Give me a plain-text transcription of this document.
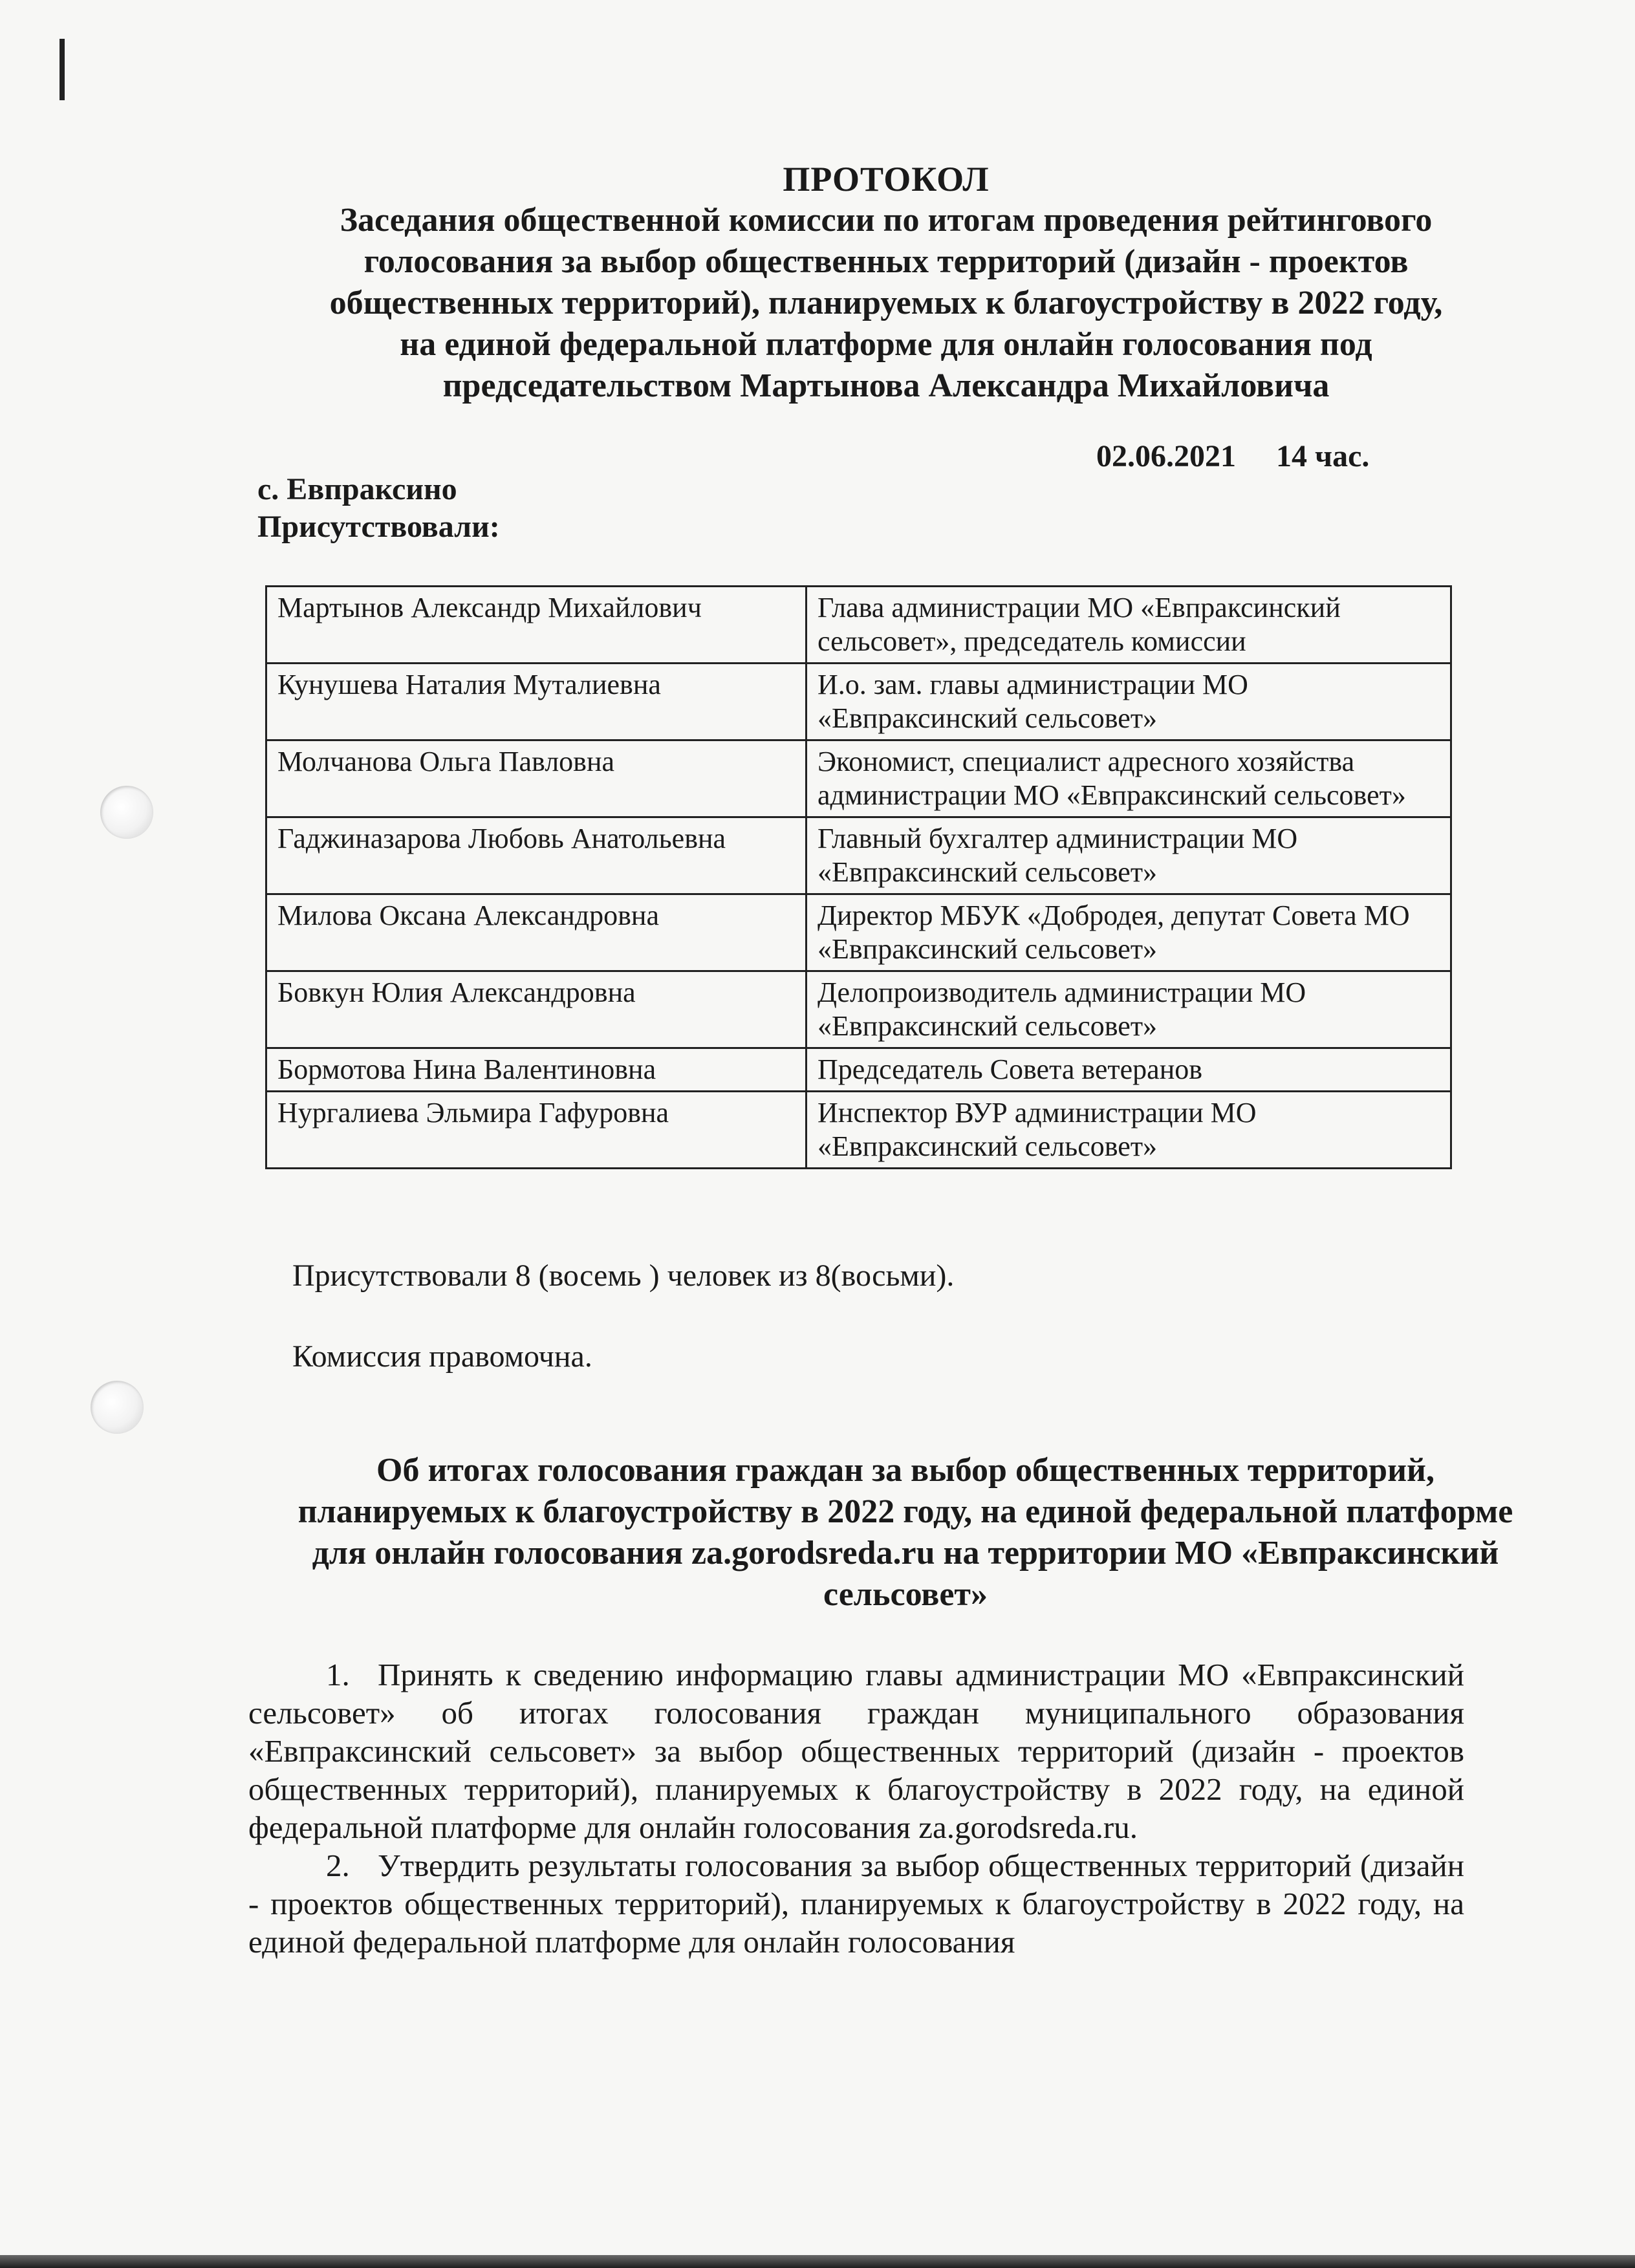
ПРОТОКОЛ
Заседания общественной комиссии по итогам проведения рейтингового
голосования за выбор общественных территорий (дизайн - проектов
общественных территорий), планируемых к благоустройству в 2022 году,
на единой федеральной платформе для онлайн голосования под
председательством Мартынова Александра Михайловича
02.06.2021 14 час.
с. Евпраксино
Присутствовали:
Мартынов Александр Михайлович	Глава администрации МО «Евпраксинский сельсовет», председатель комиссии
Кунушева Наталия Муталиевна	И.о. зам. главы администрации МО «Евпраксинский сельсовет»
Молчанова Ольга Павловна	Экономист, специалист адресного хозяйства администрации МО «Евпраксинский сельсовет»
Гаджиназарова Любовь Анатольевна	Главный бухгалтер администрации МО «Евпраксинский сельсовет»
Милова Оксана Александровна	Директор МБУК «Добродея, депутат Совета МО «Евпраксинский сельсовет»
Бовкун Юлия Александровна	Делопроизводитель администрации МО «Евпраксинский сельсовет»
Бормотова Нина Валентиновна	Председатель Совета ветеранов
Нургалиева Эльмира Гафуровна	Инспектор ВУР администрации МО «Евпраксинский сельсовет»
Присутствовали 8 (восемь ) человек из 8(восьми).
Комиссия правомочна.
Об итогах голосования граждан за выбор общественных территорий, планируемых к благоустройству в 2022 году, на единой федеральной платформе для онлайн голосования za.gorodsreda.ru на территории МО «Евпраксинский сельсовет»

1. Принять к сведению информацию главы администрации МО «Евпраксинский сельсовет» об итогах голосования граждан муниципального образования «Евпраксинский сельсовет» за выбор общественных территорий (дизайн - проектов общественных территорий), планируемых к благоустройству в 2022 году, на единой федеральной платформе для онлайн голосования za.gorodsreda.ru.

2. Утвердить результаты голосования за выбор общественных территорий (дизайн - проектов общественных территорий), планируемых к благоустройству в 2022 году, на единой федеральной платформе для онлайн голосования
